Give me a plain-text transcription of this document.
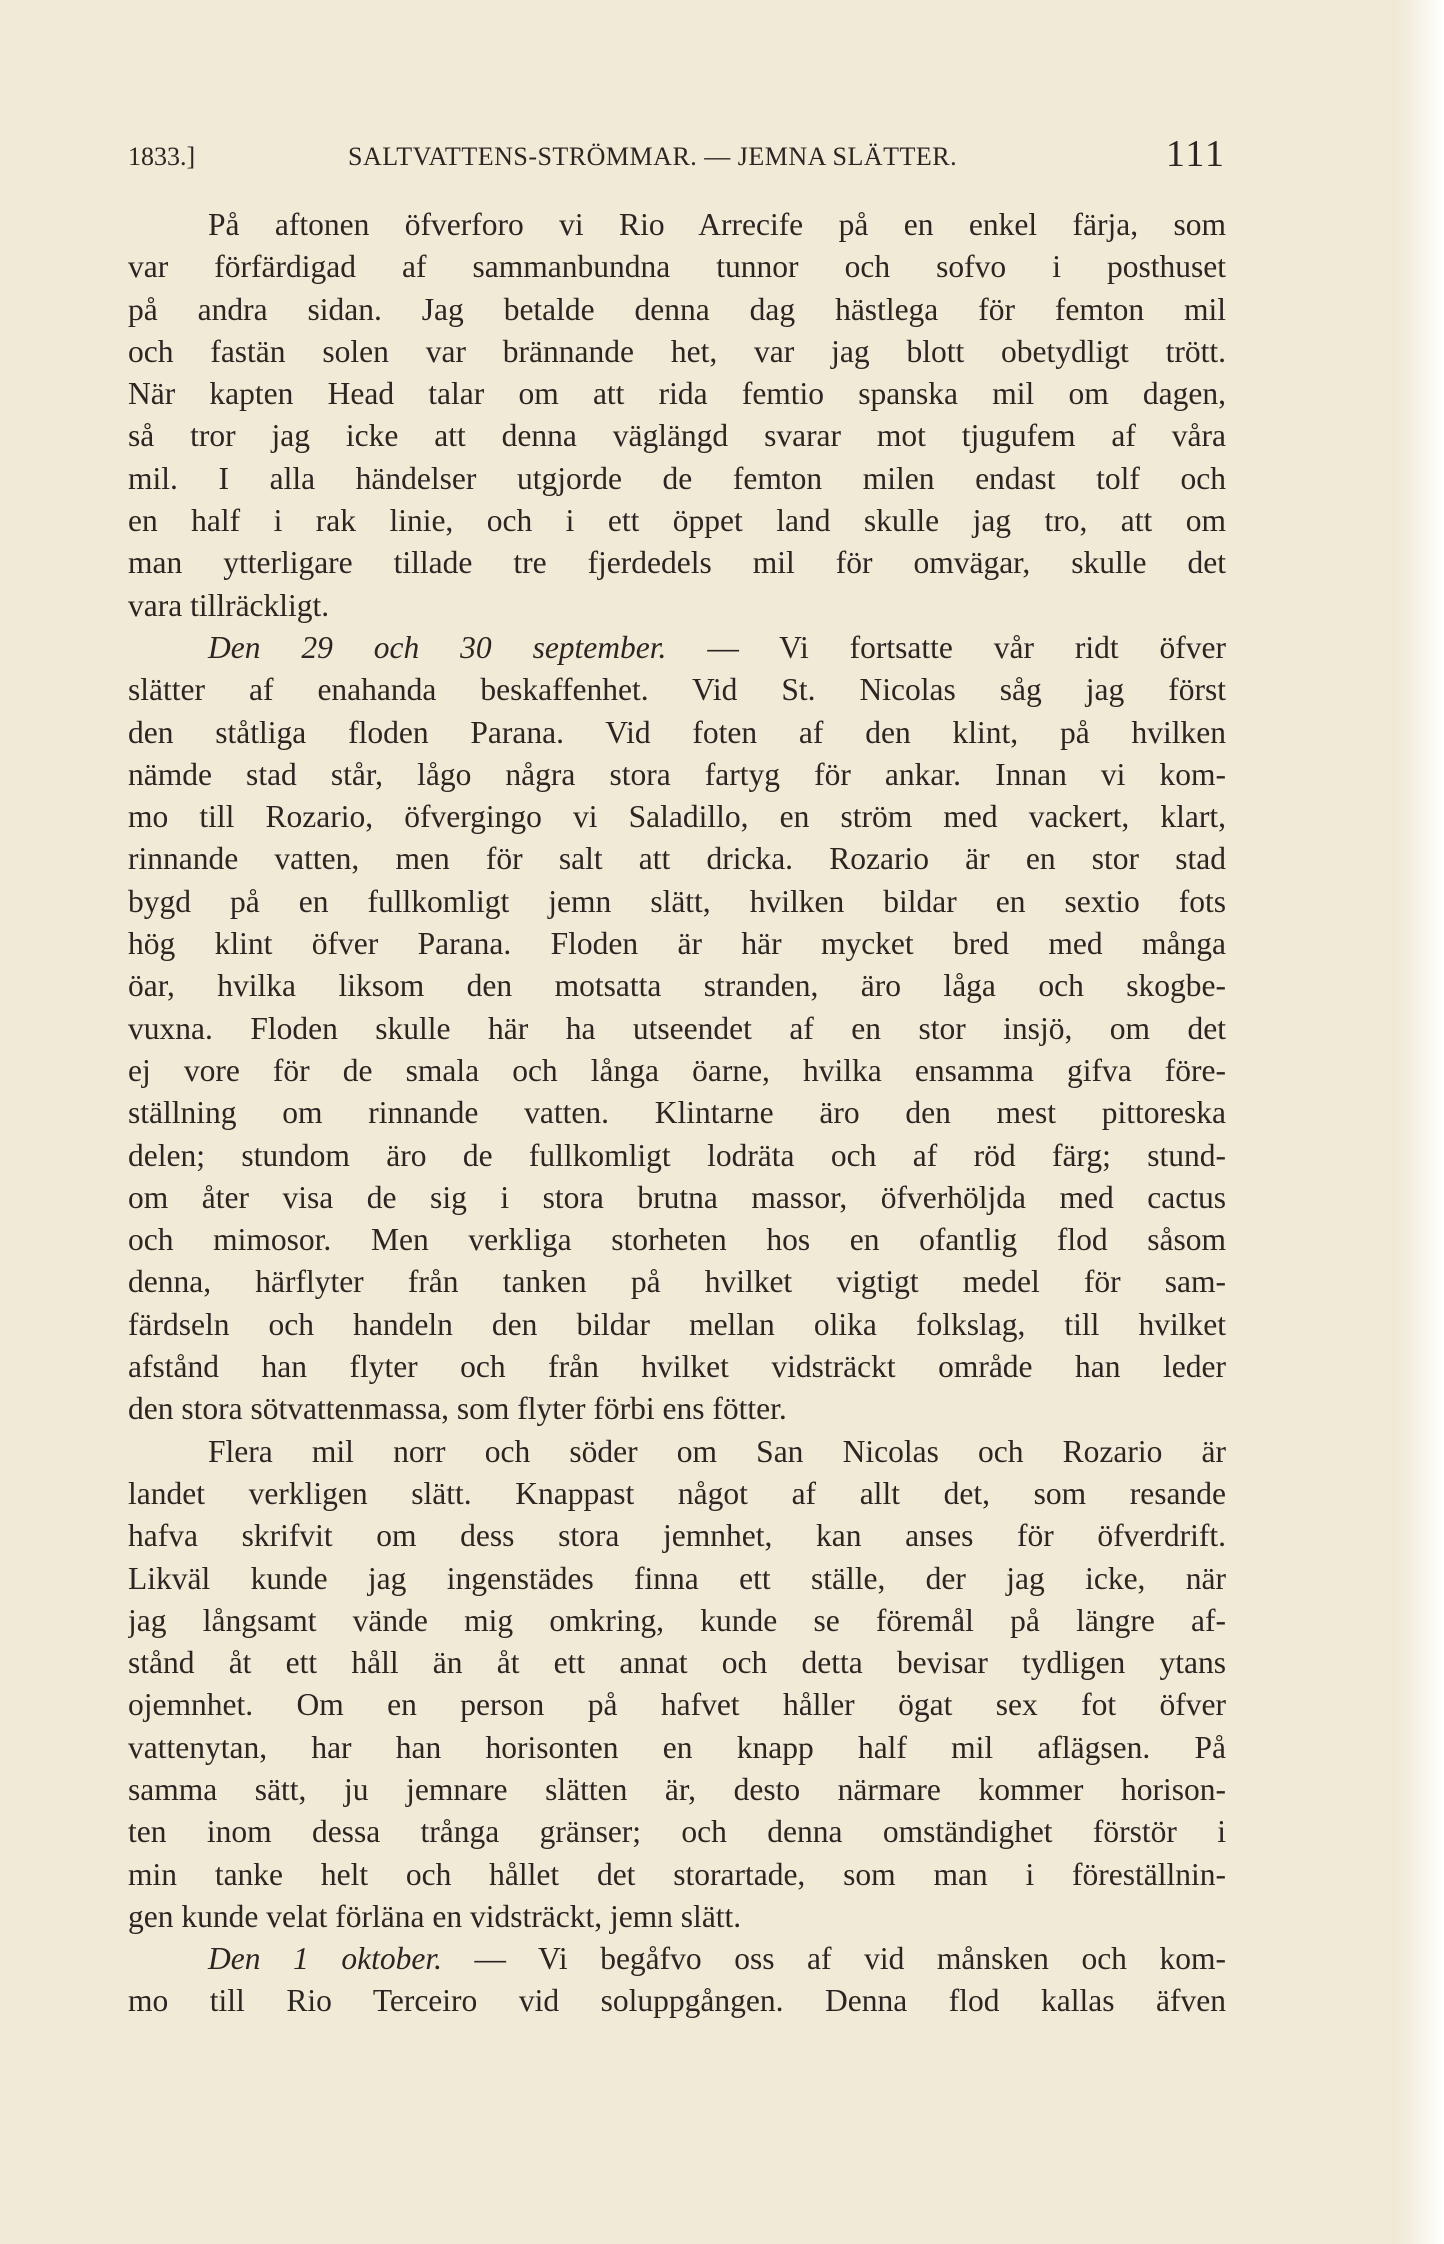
1833.]	SALTVATTENS-STRÖMMAR. — JEMNA SLÄTTER.	111
På aftonen öfverforo vi Rio Arrecife på en enkel färja, som
var förfärdigad af sammanbundna tunnor och sofvo i posthuset
på andra sidan. Jag betalde denna dag hästlega för femton mil
och fastän solen var brännande het, var jag blott obetydligt trött.
När kapten Head talar om att rida femtio spanska mil om dagen,
så tror jag icke att denna väglängd svarar mot tjugufem af våra
mil. I alla händelser utgjorde de femton milen endast tolf och
en half i rak linie, och i ett öppet land skulle jag tro, att om
man ytterligare tillade tre fjerdedels mil för omvägar, skulle det
vara tillräckligt.
Den 29 och 30 september. — Vi fortsatte vår ridt öfver
slätter af enahanda beskaffenhet. Vid St. Nicolas såg jag först
den ståtliga floden Parana. Vid foten af den klint, på hvilken
nämde stad står, lågo några stora fartyg för ankar. Innan vi kom-
mo till Rozario, öfvergingo vi Saladillo, en ström med vackert, klart,
rinnande vatten, men för salt att dricka. Rozario är en stor stad
bygd på en fullkomligt jemn slätt, hvilken bildar en sextio fots
hög klint öfver Parana. Floden är här mycket bred med många
öar, hvilka liksom den motsatta stranden, äro låga och skogbe-
vuxna. Floden skulle här ha utseendet af en stor insjö, om det
ej vore för de smala och långa öarne, hvilka ensamma gifva före-
ställning om rinnande vatten. Klintarne äro den mest pittoreska
delen; stundom äro de fullkomligt lodräta och af röd färg; stund-
om åter visa de sig i stora brutna massor, öfverhöljda med cactus
och mimosor. Men verkliga storheten hos en ofantlig flod såsom
denna, härflyter från tanken på hvilket vigtigt medel för sam-
färdseln och handeln den bildar mellan olika folkslag, till hvilket
afstånd han flyter och från hvilket vidsträckt område han leder
den stora sötvattenmassa, som flyter förbi ens fötter.
Flera mil norr och söder om San Nicolas och Rozario är
landet verkligen slätt. Knappast något af allt det, som resande
hafva skrifvit om dess stora jemnhet, kan anses för öfverdrift.
Likväl kunde jag ingenstädes finna ett ställe, der jag icke, när
jag långsamt vände mig omkring, kunde se föremål på längre af-
stånd åt ett håll än åt ett annat och detta bevisar tydligen ytans
ojemnhet. Om en person på hafvet håller ögat sex fot öfver
vattenytan, har han horisonten en knapp half mil aflägsen. På
samma sätt, ju jemnare slätten är, desto närmare kommer horison-
ten inom dessa trånga gränser; och denna omständighet förstör i
min tanke helt och hållet det storartade, som man i föreställnin-
gen kunde velat förläna en vidsträckt, jemn slätt.
Den 1 oktober. — Vi begåfvo oss af vid månsken och kom-
mo till Rio Terceiro vid soluppgången. Denna flod kallas äfven
